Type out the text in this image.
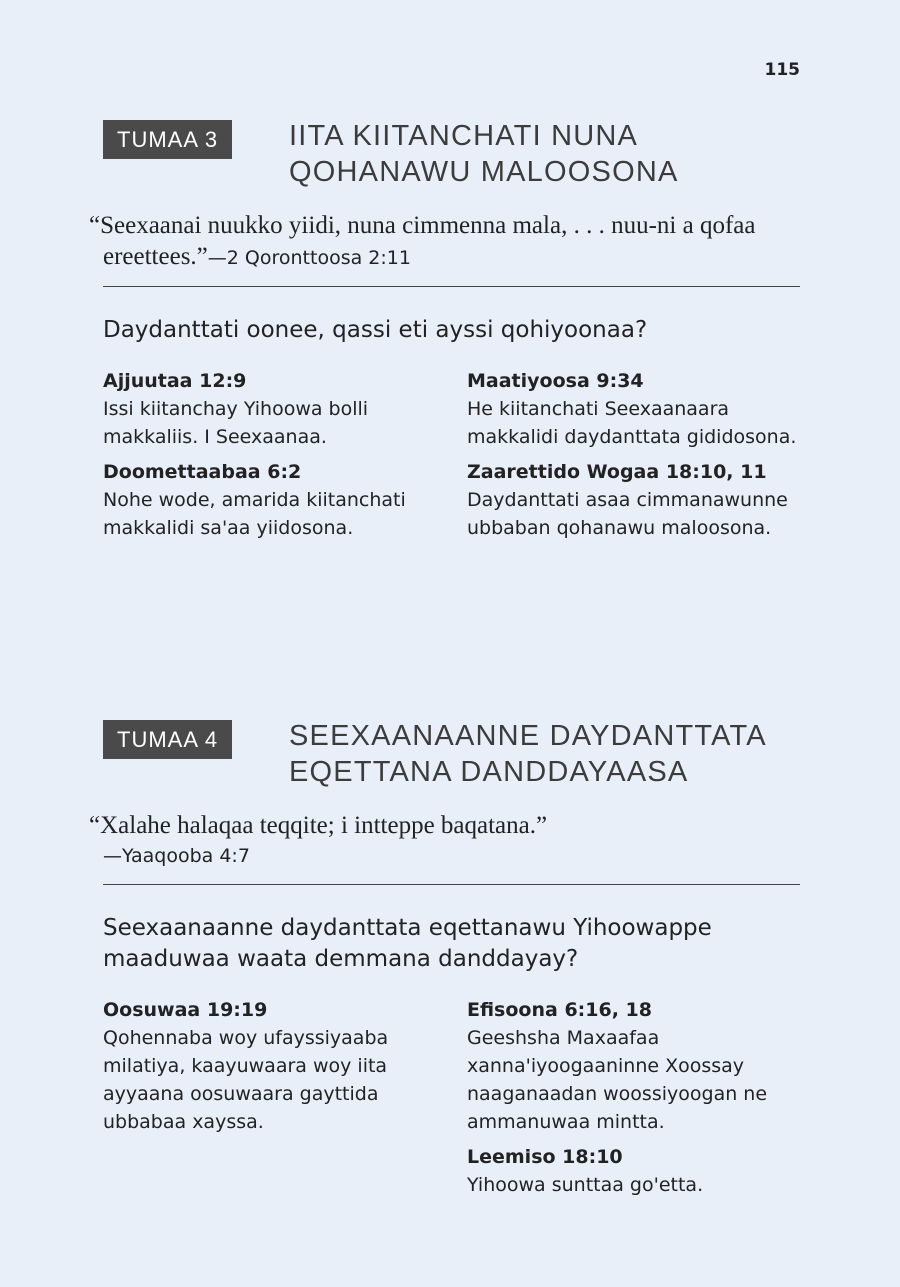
115
TUMAA 3	IITA KIITANCHATI NUNA
QOHANAWU MALOOSONA
“Seexaanai nuukko yiidi, nuna cimmenna mala, . . . nuu-ni a qofaa ereettees.”—2 Qoronttoosa 2:11
Daydanttati oonee, qassi eti ayssi qohiyoonaa?
Ajjuutaa 12:9
Issi kiitanchay Yihoowa bolli makkaliis. I Seexaanaa.
Doomettaabaa 6:2
Nohe wode, amarida kiitanchati makkalidi sa'aa yiidosona.
Maatiyoosa 9:34
He kiitanchati Seexaanaara makkalidi daydanttata gididosona.
Zaarettido Wogaa 18:10, 11
Daydanttati asaa cimmanawunne ubbaban qohanawu maloosona.
TUMAA 4	SEEXAANAANNE DAYDANTTATA
EQETTANA DANDDAYAASA
“Xalahe halaqaa teqqite; i intteppe baqatana.”
—Yaaqooba 4:7
Seexaanaanne daydanttata eqettanawu Yihoowappe maaduwaa waata demmana danddayay?
Oosuwaa 19:19
Qohennaba woy ufayssiyaaba milatiya, kaayuwaara woy iita ayyaana oosuwaara gayttida ubbabaa xayssa.
Efisoona 6:16, 18
Geeshsha Maxaafaa xanna'iyoogaaninne Xoossay naaganaadan woossiyoogan ne ammanuwaa mintta.
Leemiso 18:10
Yihoowa sunttaa go'etta.
